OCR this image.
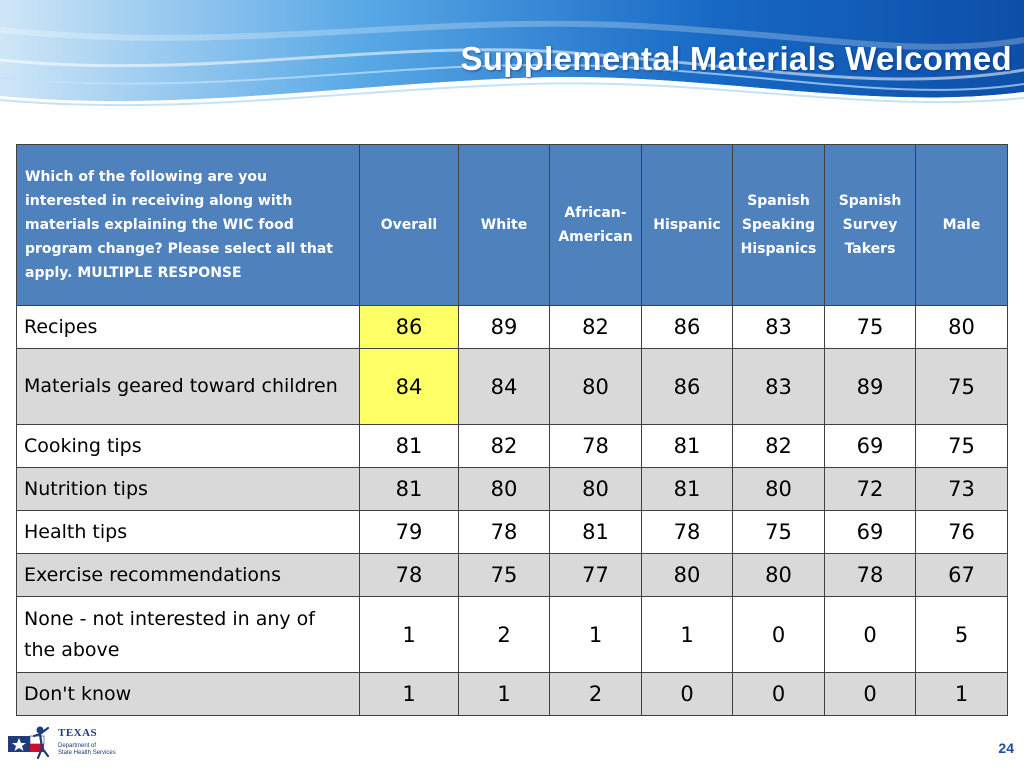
Supplemental Materials Welcomed
Which of the following are you interested in receiving along with materials explaining the WIC food program change? Please select all that apply. MULTIPLE RESPONSE	Overall	White	African-American	Hispanic	Spanish Speaking Hispanics	Spanish Survey Takers	Male
Recipes	86	89	82	86	83	75	80
Materials geared toward children	84	84	80	86	83	89	75
Cooking tips	81	82	78	81	82	69	75
Nutrition tips	81	80	80	81	80	72	73
Health tips	79	78	81	78	75	69	76
Exercise recommendations	78	75	77	80	80	78	67
None - not interested in any of the above	1	2	1	1	0	0	5
Don't know	1	1	2	0	0	0	1
TEXAS
Department of
State Health Services	24
